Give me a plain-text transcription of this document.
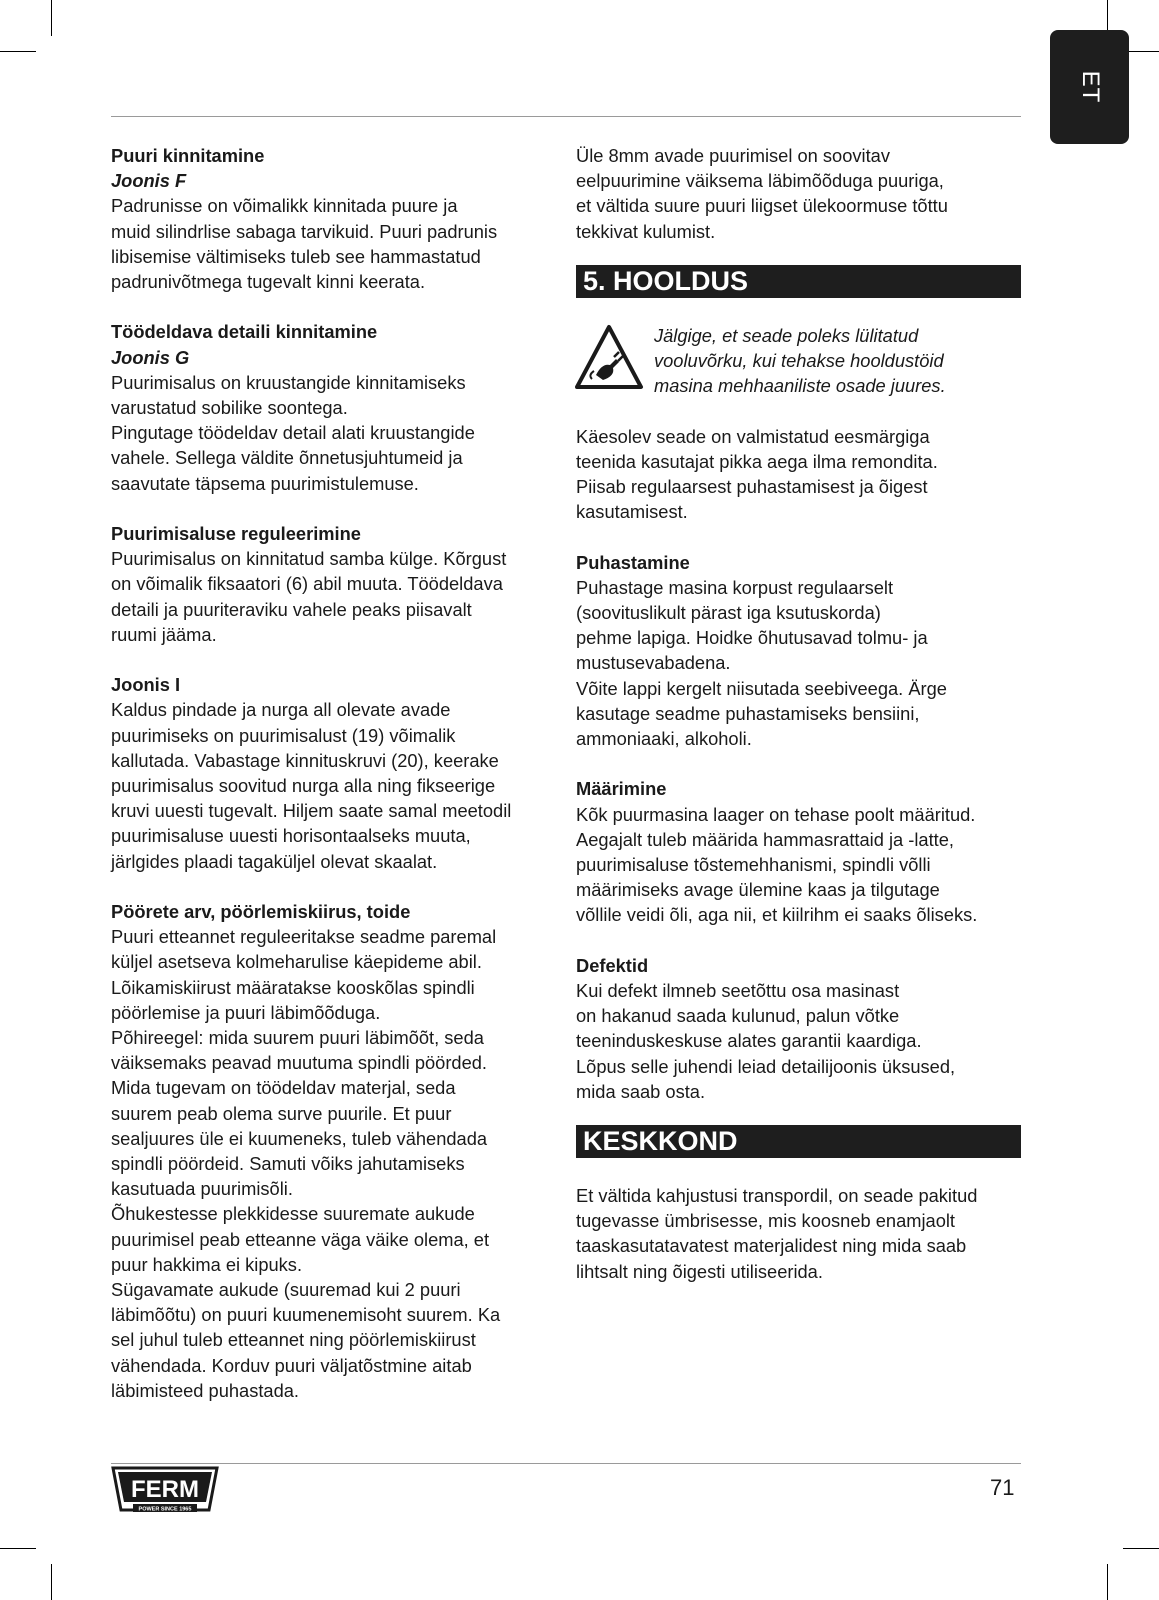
ET

Puuri kinnitamine
Joonis F
Padrunisse on võimalikk kinnitada puure ja
muid silindrlise sabaga tarvikuid. Puuri padrunis
libisemise vältimiseks tuleb see hammastatud
padrunivõtmega tugevalt kinni keerata.

Töödeldava detaili kinnitamine
Joonis G
Puurimisalus on kruustangide kinnitamiseks
varustatud sobilike soontega.
Pingutage töödeldav detail alati kruustangide
vahele. Sellega väldite õnnetusjuhtumeid ja
saavutate täpsema puurimistulemuse.

Puurimisaluse reguleerimine
Puurimisalus on kinnitatud samba külge. Kõrgust
on võimalik fiksaatori (6) abil muuta. Töödeldava
detaili ja puuriteraviku vahele peaks piisavalt
ruumi jääma.

Joonis I
Kaldus pindade ja nurga all olevate avade
puurimiseks on puurimisalust (19) võimalik
kallutada. Vabastage kinnituskruvi (20), keerake
puurimisalus soovitud nurga alla ning fikseerige
kruvi uuesti tugevalt. Hiljem saate samal meetodil
puurimisaluse uuesti horisontaalseks muuta,
järlgides plaadi tagaküljel olevat skaalat.

Pöörete arv, pöörlemiskiirus, toide
Puuri etteannet reguleeritakse seadme paremal
küljel asetseva kolmeharulise käepideme abil.
Lõikamiskiirust määratakse kooskõlas spindli
pöörlemise ja puuri läbimõõduga.
Põhireegel: mida suurem puuri läbimõõt, seda
väiksemaks peavad muutuma spindli pöörded.
Mida tugevam on töödeldav materjal, seda
suurem peab olema surve puurile. Et puur
sealjuures üle ei kuumeneks, tuleb vähendada
spindli pöördeid. Samuti võiks jahutamiseks
kasutuada puurimisõli.
Õhukestesse plekkidesse suuremate aukude
puurimisel peab etteanne väga väike olema, et
puur hakkima ei kipuks.
Sügavamate aukude (suuremad kui 2 puuri
läbimõõtu) on puuri kuumenemisoht suurem. Ka
sel juhul tuleb etteannet ning pöörlemiskiirust
vähendada. Korduv puuri väljatõstmine aitab
läbimisteed puhastada.

Üle 8mm avade puurimisel on soovitav
eelpuurimine väiksema läbimõõduga puuriga,
et vältida suure puuri liigset ülekoormuse tõttu
tekkivat kulumist.

5. HOOLDUS
Jälgige, et seade poleks lülitatud
vooluvõrku, kui tehakse hooldustöid
masina mehhaaniliste osade juures.

Käesolev seade on valmistatud eesmärgiga
teenida kasutajat pikka aega ilma remondita.
Piisab regulaarsest puhastamisest ja õigest
kasutamisest.

Puhastamine
Puhastage masina korpust regulaarselt
(soovituslikult pärast iga ksutuskorda)
pehme lapiga. Hoidke õhutusavad tolmu- ja
mustusevabadena.
Võite lappi kergelt niisutada seebiveega. Ärge
kasutage seadme puhastamiseks bensiini,
ammoniaaki, alkoholi.

Määrimine
Kõk puurmasina laager on tehase poolt määritud.
Aegajalt tuleb määrida hammasrattaid ja -latte,
puurimisaluse tõstemehhanismi, spindli võlli
määrimiseks avage ülemine kaas ja tilgutage
võllile veidi õli, aga nii, et kiilrihm ei saaks õliseks.

Defektid
Kui defekt ilmneb seetõttu osa masinast
on hakanud saada kulunud, palun võtke
teeninduskeskuse alates garantii kaardiga.
Lõpus selle juhendi leiad detailijoonis üksused,
mida saab osta.

KESKKOND

Et vältida kahjustusi transpordil, on seade pakitud
tugevasse ümbrisesse, mis koosneb enamjaolt
taaskasutatavatest materjalidest ning mida saab
lihtsalt ning õigesti utiliseerida.

FERM
POWER SINCE 1965
71
